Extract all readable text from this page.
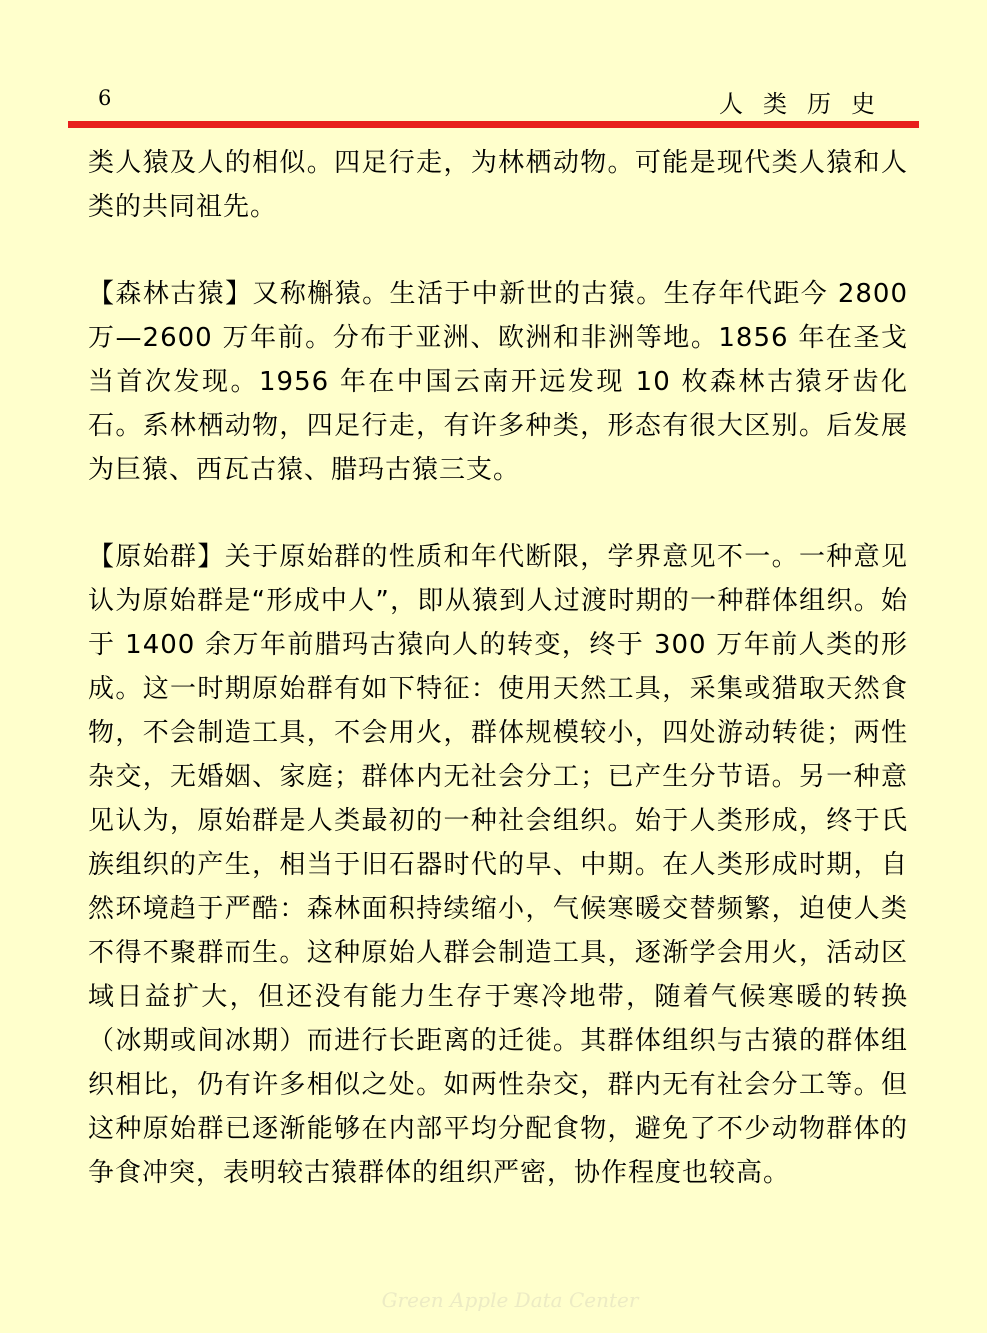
6	人类历史

类人猿及人的相似。四足行走，为林栖动物。可能是现代类人猿和人类的共同祖先。

【森林古猿】又称槲猿。生活于中新世的古猿。生存年代距今 2800 万—2600 万年前。分布于亚洲、欧洲和非洲等地。1856 年在圣戈当首次发现。1956 年在中国云南开远发现 10 枚森林古猿牙齿化石。系林栖动物，四足行走，有许多种类，形态有很大区别。后发展为巨猿、西瓦古猿、腊玛古猿三支。

【原始群】关于原始群的性质和年代断限，学界意见不一。一种意见认为原始群是“形成中人”，即从猿到人过渡时期的一种群体组织。始于 1400 余万年前腊玛古猿向人的转变，终于 300 万年前人类的形成。这一时期原始群有如下特征：使用天然工具，采集或猎取天然食物，不会制造工具，不会用火，群体规模较小，四处游动转徙；两性杂交，无婚姻、家庭；群体内无社会分工；已产生分节语。另一种意见认为，原始群是人类最初的一种社会组织。始于人类形成，终于氏族组织的产生，相当于旧石器时代的早、中期。在人类形成时期，自然环境趋于严酷：森林面积持续缩小，气候寒暖交替频繁，迫使人类不得不聚群而生。这种原始人群会制造工具，逐渐学会用火，活动区域日益扩大，但还没有能力生存于寒冷地带，随着气候寒暖的转换（冰期或间冰期）而进行长距离的迁徙。其群体组织与古猿的群体组织相比，仍有许多相似之处。如两性杂交，群内无有社会分工等。但这种原始群已逐渐能够在内部平均分配食物，避免了不少动物群体的争食冲突，表明较古猿群体的组织严密，协作程度也较高。

Green Apple Data Center
